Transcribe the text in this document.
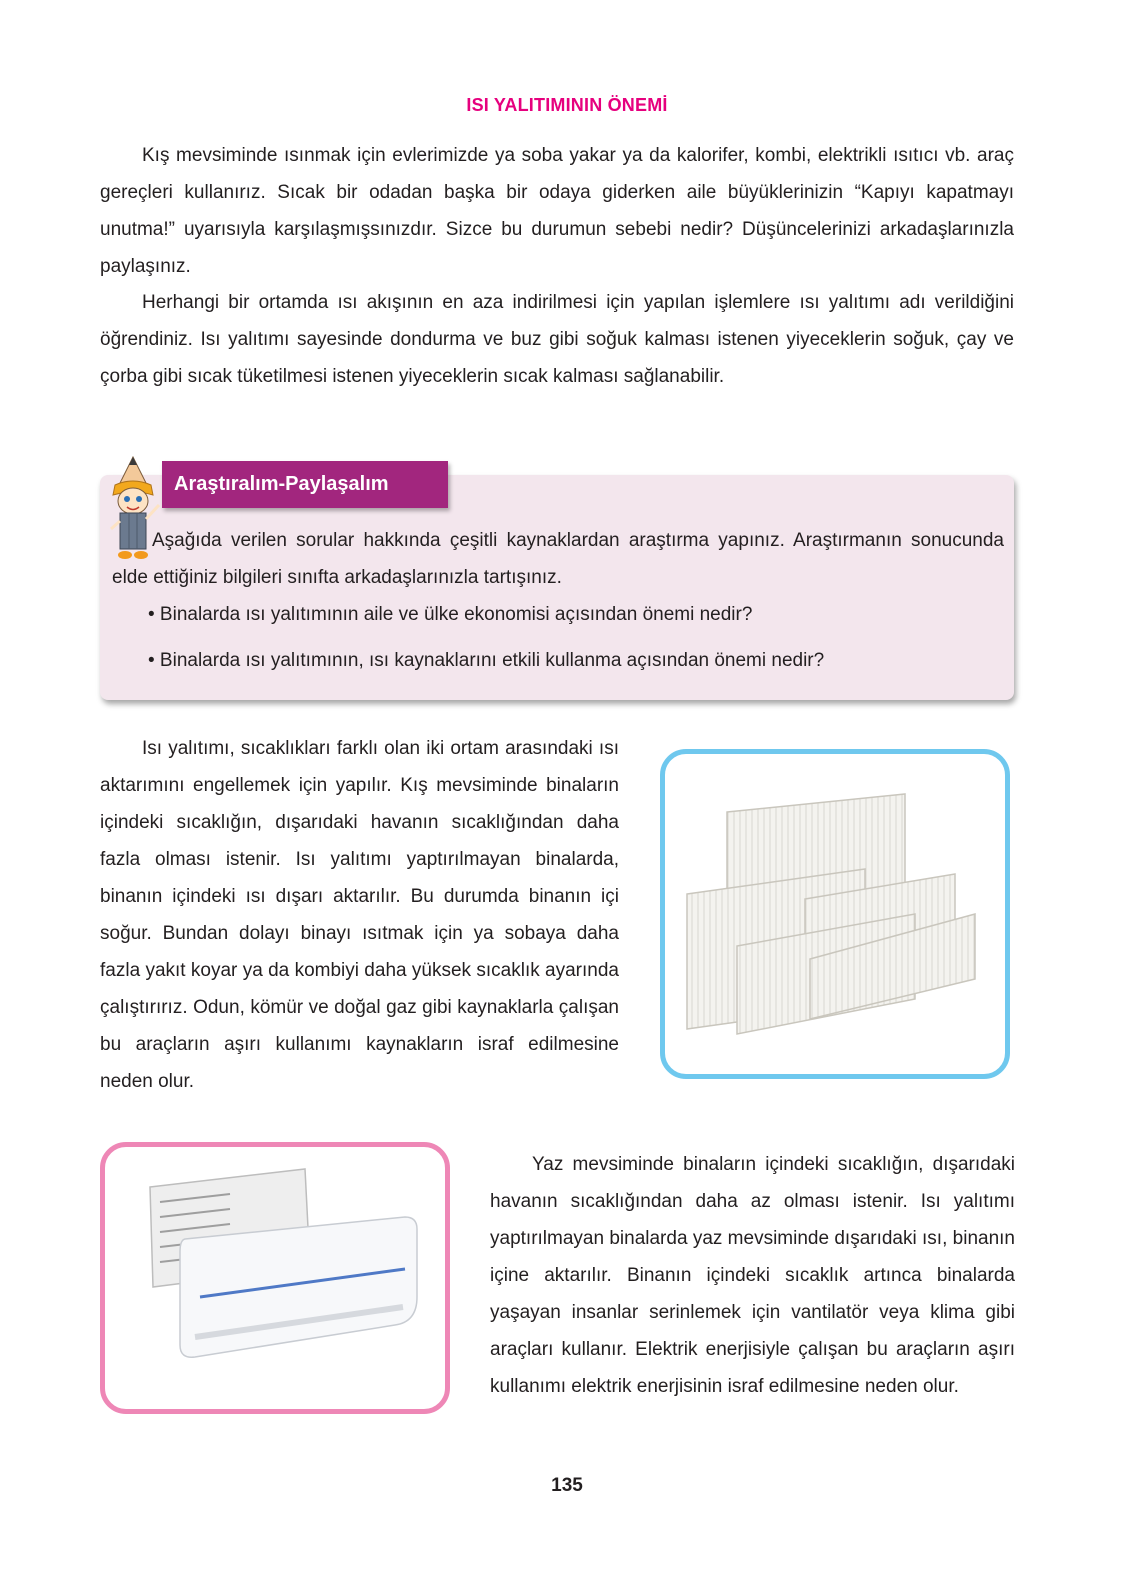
ISI YALITIMININ ÖNEMİ

Kış mevsiminde ısınmak için evlerimizde ya soba yakar ya da kalorifer, kombi, elektrikli ısıtıcı vb. araç gereçleri kullanırız. Sıcak bir odadan başka bir odaya giderken aile büyüklerinizin “Kapıyı kapatmayı unutma!” uyarısıyla karşılaşmışsınızdır. Sizce bu durumun sebebi nedir? Düşüncelerinizi arkadaşlarınızla paylaşınız.

Herhangi bir ortamda ısı akışının en aza indirilmesi için yapılan işlemlere ısı yalıtımı adı verildiğini öğrendiniz. Isı yalıtımı sayesinde dondurma ve buz gibi soğuk kalması istenen yiyeceklerin soğuk, çay ve çorba gibi sıcak tüketilmesi istenen yiyeceklerin sıcak kalması sağlanabilir.

Araştıralım-Paylaşalım

Aşağıda verilen sorular hakkında çeşitli kaynaklardan araştırma yapınız. Araştırmanın sonucunda elde ettiğiniz bilgileri sınıfta arkadaşlarınızla tartışınız.

• Binalarda ısı yalıtımının aile ve ülke ekonomisi açısından önemi nedir?

• Binalarda ısı yalıtımının, ısı kaynaklarını etkili kullanma açısından önemi nedir?

Isı yalıtımı, sıcaklıkları farklı olan iki ortam arasındaki ısı aktarımını engellemek için yapılır. Kış mevsiminde binaların içindeki sıcaklığın, dışarıdaki havanın sıcaklığından daha fazla olması istenir. Isı yalıtımı yaptırılmayan binalarda, binanın içindeki ısı dışarı aktarılır. Bu durumda binanın içi soğur. Bundan dolayı binayı ısıtmak için ya sobaya daha fazla yakıt koyar ya da kombiyi daha yüksek sıcaklık ayarında çalıştırırız. Odun, kömür ve doğal gaz gibi kaynaklarla çalışan bu araçların aşırı kullanımı kaynakların israf edilmesine neden olur.

Yaz mevsiminde binaların içindeki sıcaklığın, dışarıdaki havanın sıcaklığından daha az olması istenir. Isı yalıtımı yaptırılmayan binalarda yaz mevsiminde dışarıdaki ısı, binanın içine aktarılır. Binanın içindeki sıcaklık artınca binalarda yaşayan insanlar serinlemek için vantilatör veya klima gibi araçları kullanır. Elektrik enerjisiyle çalışan bu araçların aşırı kullanımı elektrik enerjisinin israf edilmesine neden olur.

135
